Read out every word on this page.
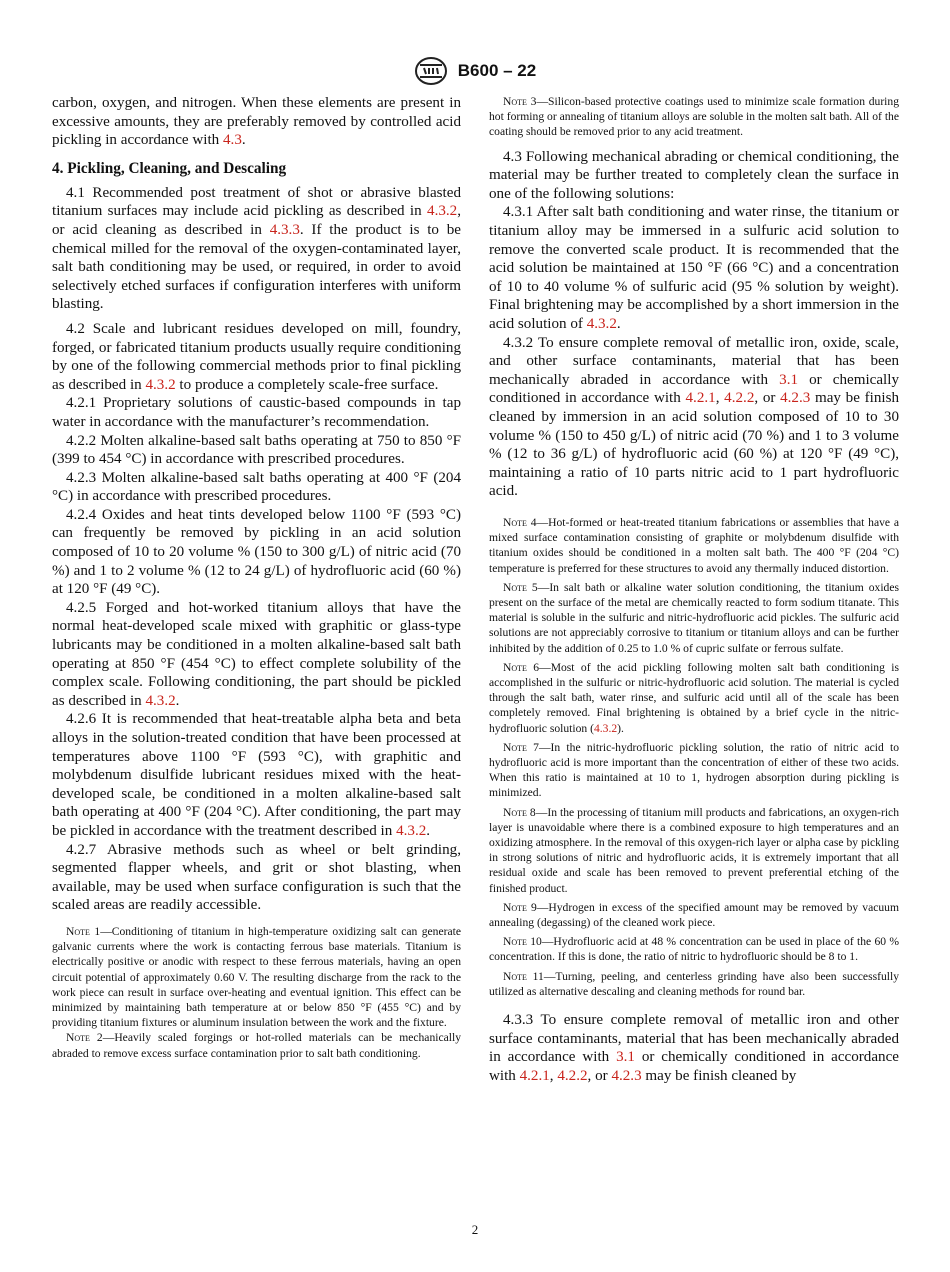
B600 – 22

carbon, oxygen, and nitrogen. When these elements are present in excessive amounts, they are preferably removed by controlled acid pickling in accordance with 4.3.

4. Pickling, Cleaning, and Descaling

4.1 Recommended post treatment of shot or abrasive blasted titanium surfaces may include acid pickling as described in 4.3.2, or acid cleaning as described in 4.3.3. If the product is to be chemical milled for the removal of the oxygen-contaminated layer, salt bath conditioning may be used, or required, in order to avoid selectively etched surfaces if configuration interferes with uniform blasting.

4.2 Scale and lubricant residues developed on mill, foundry, forged, or fabricated titanium products usually require conditioning by one of the following commercial methods prior to final pickling as described in 4.3.2 to produce a completely scale-free surface.

4.2.1 Proprietary solutions of caustic-based compounds in tap water in accordance with the manufacturer’s recommendation.

4.2.2 Molten alkaline-based salt baths operating at 750 to 850 °F (399 to 454 °C) in accordance with prescribed procedures.

4.2.3 Molten alkaline-based salt baths operating at 400 °F (204 °C) in accordance with prescribed procedures.

4.2.4 Oxides and heat tints developed below 1100 °F (593 °C) can frequently be removed by pickling in an acid solution composed of 10 to 20 volume % (150 to 300 g/L) of nitric acid (70 %) and 1 to 2 volume % (12 to 24 g/L) of hydrofluoric acid (60 %) at 120 °F (49 °C).

4.2.5 Forged and hot-worked titanium alloys that have the normal heat-developed scale mixed with graphitic or glass-type lubricants may be conditioned in a molten alkaline-based salt bath operating at 850 °F (454 °C) to effect complete solubility of the complex scale. Following conditioning, the part should be pickled as described in 4.3.2.

4.2.6 It is recommended that heat-treatable alpha beta and beta alloys in the solution-treated condition that have been processed at temperatures above 1100 °F (593 °C), with graphitic and molybdenum disulfide lubricant residues mixed with the heat-developed scale, be conditioned in a molten alkaline-based salt bath operating at 400 °F (204 °C). After conditioning, the part may be pickled in accordance with the treatment described in 4.3.2.

4.2.7 Abrasive methods such as wheel or belt grinding, segmented flapper wheels, and grit or shot blasting, when available, may be used when surface configuration is such that the scaled areas are readily accessible.

Note 1—Conditioning of titanium in high-temperature oxidizing salt can generate galvanic currents where the work is contacting ferrous base materials. Titanium is electrically positive or anodic with respect to these ferrous materials, having an open circuit potential of approximately 0.60 V. The resulting discharge from the rack to the work piece can result in surface over-heating and eventual ignition. This effect can be minimized by maintaining bath temperature at or below 850 °F (455 °C) and by providing titanium fixtures or aluminum insulation between the work and the fixture.

Note 2—Heavily scaled forgings or hot-rolled materials can be mechanically abraded to remove excess surface contamination prior to salt bath conditioning.

Note 3—Silicon-based protective coatings used to minimize scale formation during hot forming or annealing of titanium alloys are soluble in the molten salt bath. All of the coating should be removed prior to any acid treatment.

4.3 Following mechanical abrading or chemical conditioning, the material may be further treated to completely clean the surface in one of the following solutions:

4.3.1 After salt bath conditioning and water rinse, the titanium or titanium alloy may be immersed in a sulfuric acid solution to remove the converted scale product. It is recommended that the acid solution be maintained at 150 °F (66 °C) and a concentration of 10 to 40 volume % of sulfuric acid (95 % solution by weight). Final brightening may be accomplished by a short immersion in the acid solution of 4.3.2.

4.3.2 To ensure complete removal of metallic iron, oxide, scale, and other surface contaminants, material that has been mechanically abraded in accordance with 3.1 or chemically conditioned in accordance with 4.2.1, 4.2.2, or 4.2.3 may be finish cleaned by immersion in an acid solution composed of 10 to 30 volume % (150 to 450 g/L) of nitric acid (70 %) and 1 to 3 volume % (12 to 36 g/L) of hydrofluoric acid (60 %) at 120 °F (49 °C), maintaining a ratio of 10 parts nitric acid to 1 part hydrofluoric acid.

Note 4—Hot-formed or heat-treated titanium fabrications or assemblies that have a mixed surface contamination consisting of graphite or molybdenum disulfide with titanium oxides should be conditioned in a molten salt bath. The 400 °F (204 °C) temperature is preferred for these structures to avoid any thermally induced distortion.

Note 5—In salt bath or alkaline water solution conditioning, the titanium oxides present on the surface of the metal are chemically reacted to form sodium titanate. This material is soluble in the sulfuric and nitric-hydrofluoric acid pickles. The sulfuric acid solutions are not appreciably corrosive to titanium or titanium alloys and can be further inhibited by the addition of 0.25 to 1.0 % of cupric sulfate or ferrous sulfate.

Note 6—Most of the acid pickling following molten salt bath conditioning is accomplished in the sulfuric or nitric-hydrofluoric acid solution. The material is cycled through the salt bath, water rinse, and sulfuric acid until all of the scale has been completely removed. Final brightening is obtained by a brief cycle in the nitric-hydrofluoric solution (4.3.2).

Note 7—In the nitric-hydrofluoric pickling solution, the ratio of nitric acid to hydrofluoric acid is more important than the concentration of either of these two acids. When this ratio is maintained at 10 to 1, hydrogen absorption during pickling is minimized.

Note 8—In the processing of titanium mill products and fabrications, an oxygen-rich layer is unavoidable where there is a combined exposure to high temperatures and an oxidizing atmosphere. In the removal of this oxygen-rich layer or alpha case by pickling in strong solutions of nitric and hydrofluoric acids, it is extremely important that all residual oxide and scale has been removed to prevent preferential etching of the finished product.

Note 9—Hydrogen in excess of the specified amount may be removed by vacuum annealing (degassing) of the cleaned work piece.

Note 10—Hydrofluoric acid at 48 % concentration can be used in place of the 60 % concentration. If this is done, the ratio of nitric to hydrofluoric should be 8 to 1.

Note 11—Turning, peeling, and centerless grinding have also been successfully utilized as alternative descaling and cleaning methods for round bar.

4.3.3 To ensure complete removal of metallic iron and other surface contaminants, material that has been mechanically abraded in accordance with 3.1 or chemically conditioned in accordance with 4.2.1, 4.2.2, or 4.2.3 may be finish cleaned by

2
